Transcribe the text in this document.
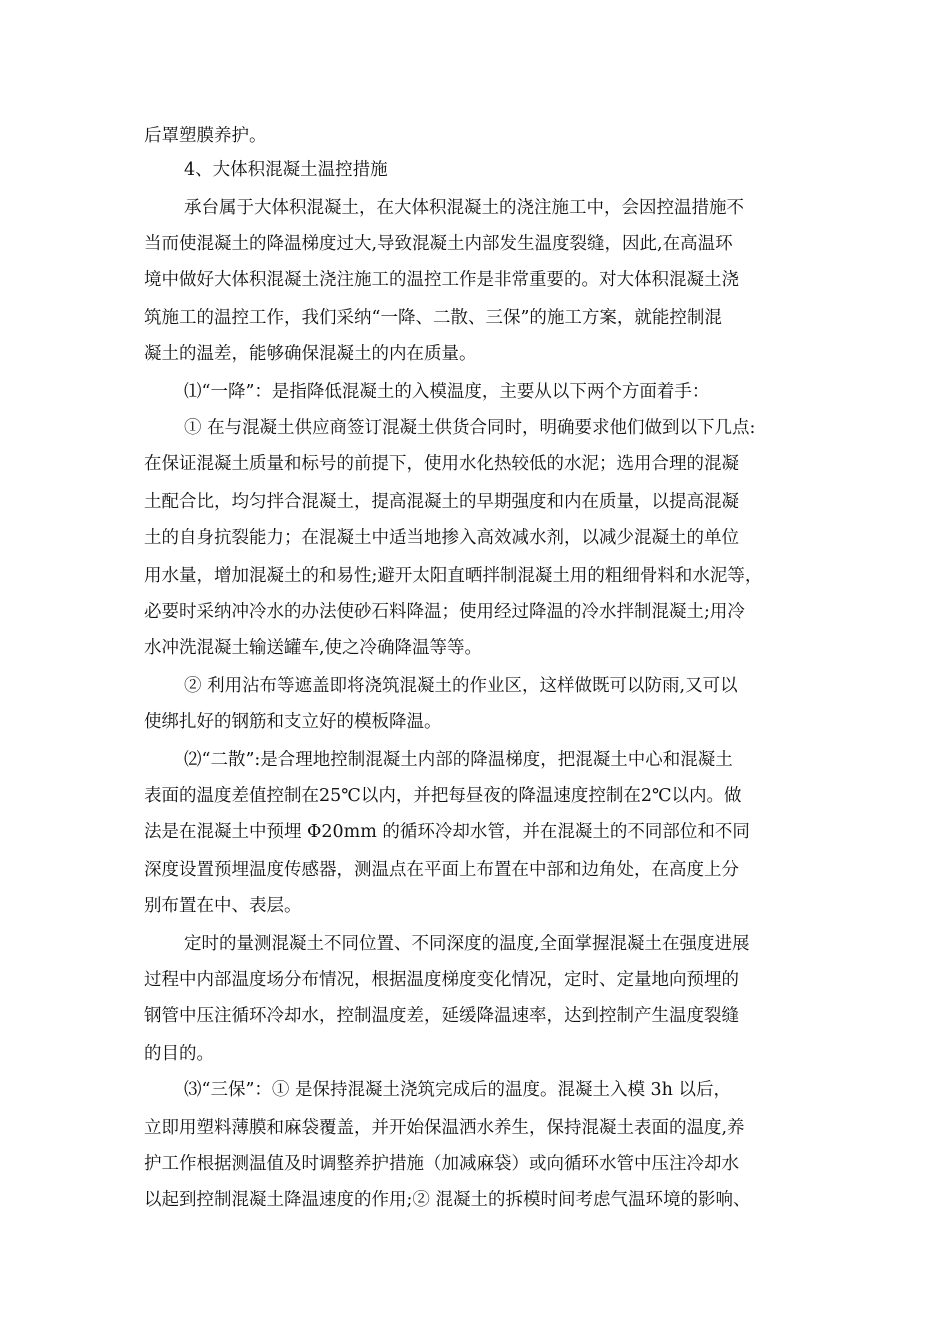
后罩塑膜养护。
4、大体积混凝土温控措施
承台属于大体积混凝土，在大体积混凝土的浇注施工中，会因控温措施不
当而使混凝土的降温梯度过大,导致混凝土内部发生温度裂缝，因此,在高温环
境中做好大体积混凝土浇注施工的温控工作是非常重要的。对大体积混凝土浇
筑施工的温控工作，我们采纳“一降、二散、三保”的施工方案，就能控制混
凝土的温差，能够确保混凝土的内在质量。
⑴“一降”：是指降低混凝土的入模温度，主要从以下两个方面着手：
① 在与混凝土供应商签订混凝土供货合同时，明确要求他们做到以下几点:
在保证混凝土质量和标号的前提下，使用水化热较低的水泥；选用合理的混凝
土配合比，均匀拌合混凝土，提高混凝土的早期强度和内在质量，以提高混凝
土的自身抗裂能力；在混凝土中适当地掺入高效减水剂，以减少混凝土的单位
用水量，增加混凝土的和易性;避开太阳直晒拌制混凝土用的粗细骨料和水泥等，
必要时采纳冲冷水的办法使砂石料降温；使用经过降温的冷水拌制混凝土;用冷
水冲洗混凝土输送罐车,使之冷确降温等等。
② 利用沾布等遮盖即将浇筑混凝土的作业区，这样做既可以防雨,又可以
使绑扎好的钢筋和支立好的模板降温。
⑵“二散”:是合理地控制混凝土内部的降温梯度，把混凝土中心和混凝土
表面的温度差值控制在25℃以内，并把每昼夜的降温速度控制在2℃以内。做
法是在混凝土中预埋 Φ20mm 的循环冷却水管，并在混凝土的不同部位和不同
深度设置预埋温度传感器，测温点在平面上布置在中部和边角处，在高度上分
别布置在中、表层。
定时的量测混凝土不同位置、不同深度的温度,全面掌握混凝土在强度进展
过程中内部温度场分布情况，根据温度梯度变化情况，定时、定量地向预埋的
钢管中压注循环冷却水，控制温度差，延缓降温速率，达到控制产生温度裂缝
的目的。
⑶“三保”：① 是保持混凝土浇筑完成后的温度。混凝土入模 3h 以后，
立即用塑料薄膜和麻袋覆盖，并开始保温洒水养生，保持混凝土表面的温度,养
护工作根据测温值及时调整养护措施（加减麻袋）或向循环水管中压注冷却水
以起到控制混凝土降温速度的作用;② 混凝土的拆模时间考虑气温环境的影响、
